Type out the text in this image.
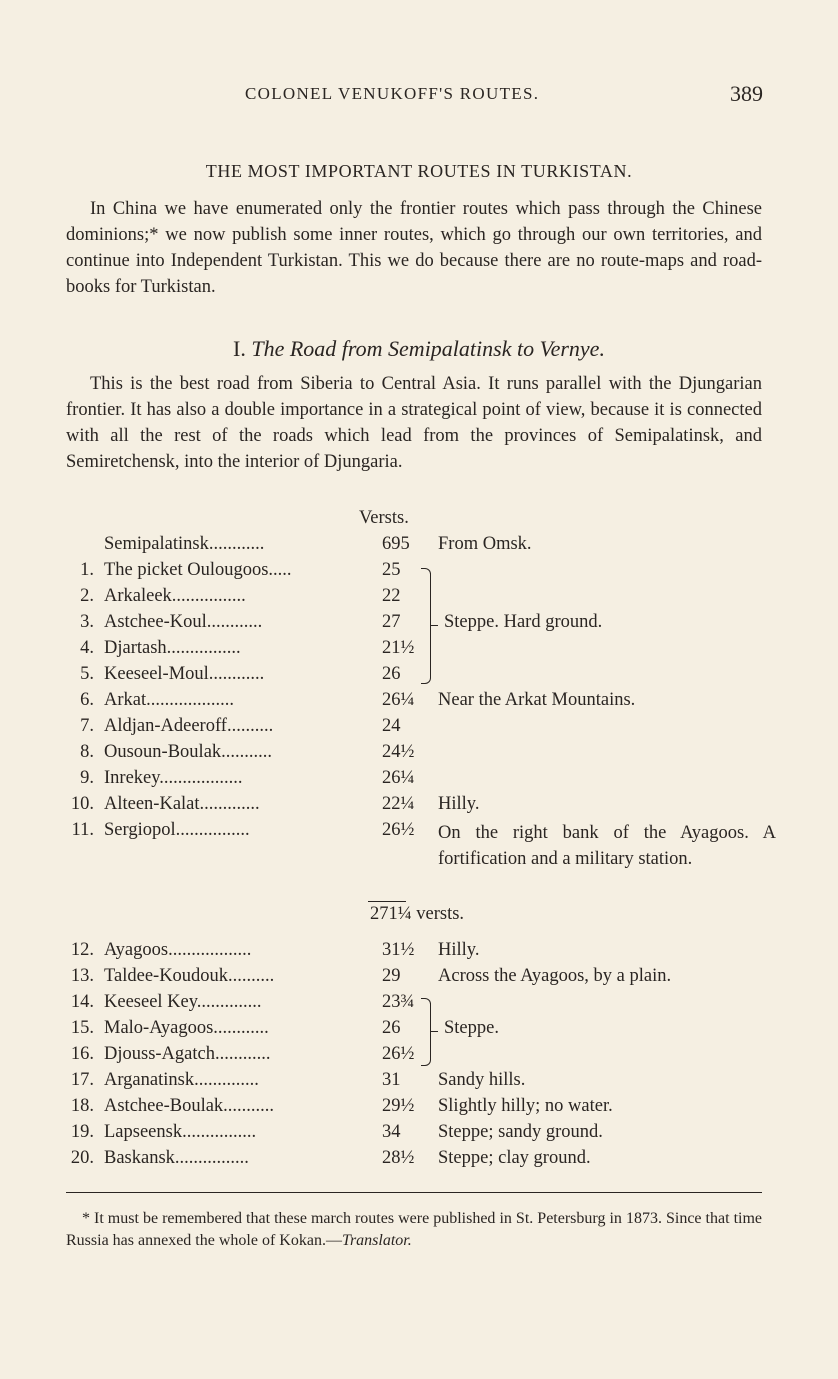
COLONEL VENUKOFF'S ROUTES.	389
THE MOST IMPORTANT ROUTES IN TURKISTAN.
In China we have enumerated only the frontier routes which pass through the Chinese dominions;* we now publish some inner routes, which go through our own territories, and continue into Independent Turkistan. This we do because there are no route-maps and road-books for Turkistan.
I. The Road from Semipalatinsk to Vernye.
This is the best road from Siberia to Central Asia. It runs parallel with the Djungarian frontier. It has also a double importance in a strategical point of view, because it is connected with all the rest of the roads which lead from the provinces of Semipalatinsk, and Semiretchensk, into the interior of Djungaria.
Versts.
Semipalatinsk............	695 From Omsk.
1. The picket Oulougoos.....	25
2. Arkaleek................	22
3. Astchee-Koul............	27 Steppe. Hard ground.
4. Djartash................	21½
5. Keeseel-Moul............	26
6. Arkat...................	26¼ Near the Arkat Mountains.
7. Aldjan-Adeeroff..........	24
8. Ousoun-Boulak...........	24½
9. Inrekey..................	26¼
10. Alteen-Kalat.............	22¼ Hilly.
11. Sergiopol................	26½ On the right bank of the Ayagoos. A fortification and a military station.
271¼ versts.
12. Ayagoos..................	31½ Hilly.
13. Taldee-Koudouk..........	29 Across the Ayagoos, by a plain.
14. Keeseel Key..............	23¾
15. Malo-Ayagoos............	26 Steppe.
16. Djouss-Agatch............	26½
17. Arganatinsk..............	31 Sandy hills.
18. Astchee-Boulak...........	29½ Slightly hilly; no water.
19. Lapseensk................	34 Steppe; sandy ground.
20. Baskansk................	28½ Steppe; clay ground.
* It must be remembered that these march routes were published in St. Petersburg in 1873. Since that time Russia has annexed the whole of Kokan.—Translator.
